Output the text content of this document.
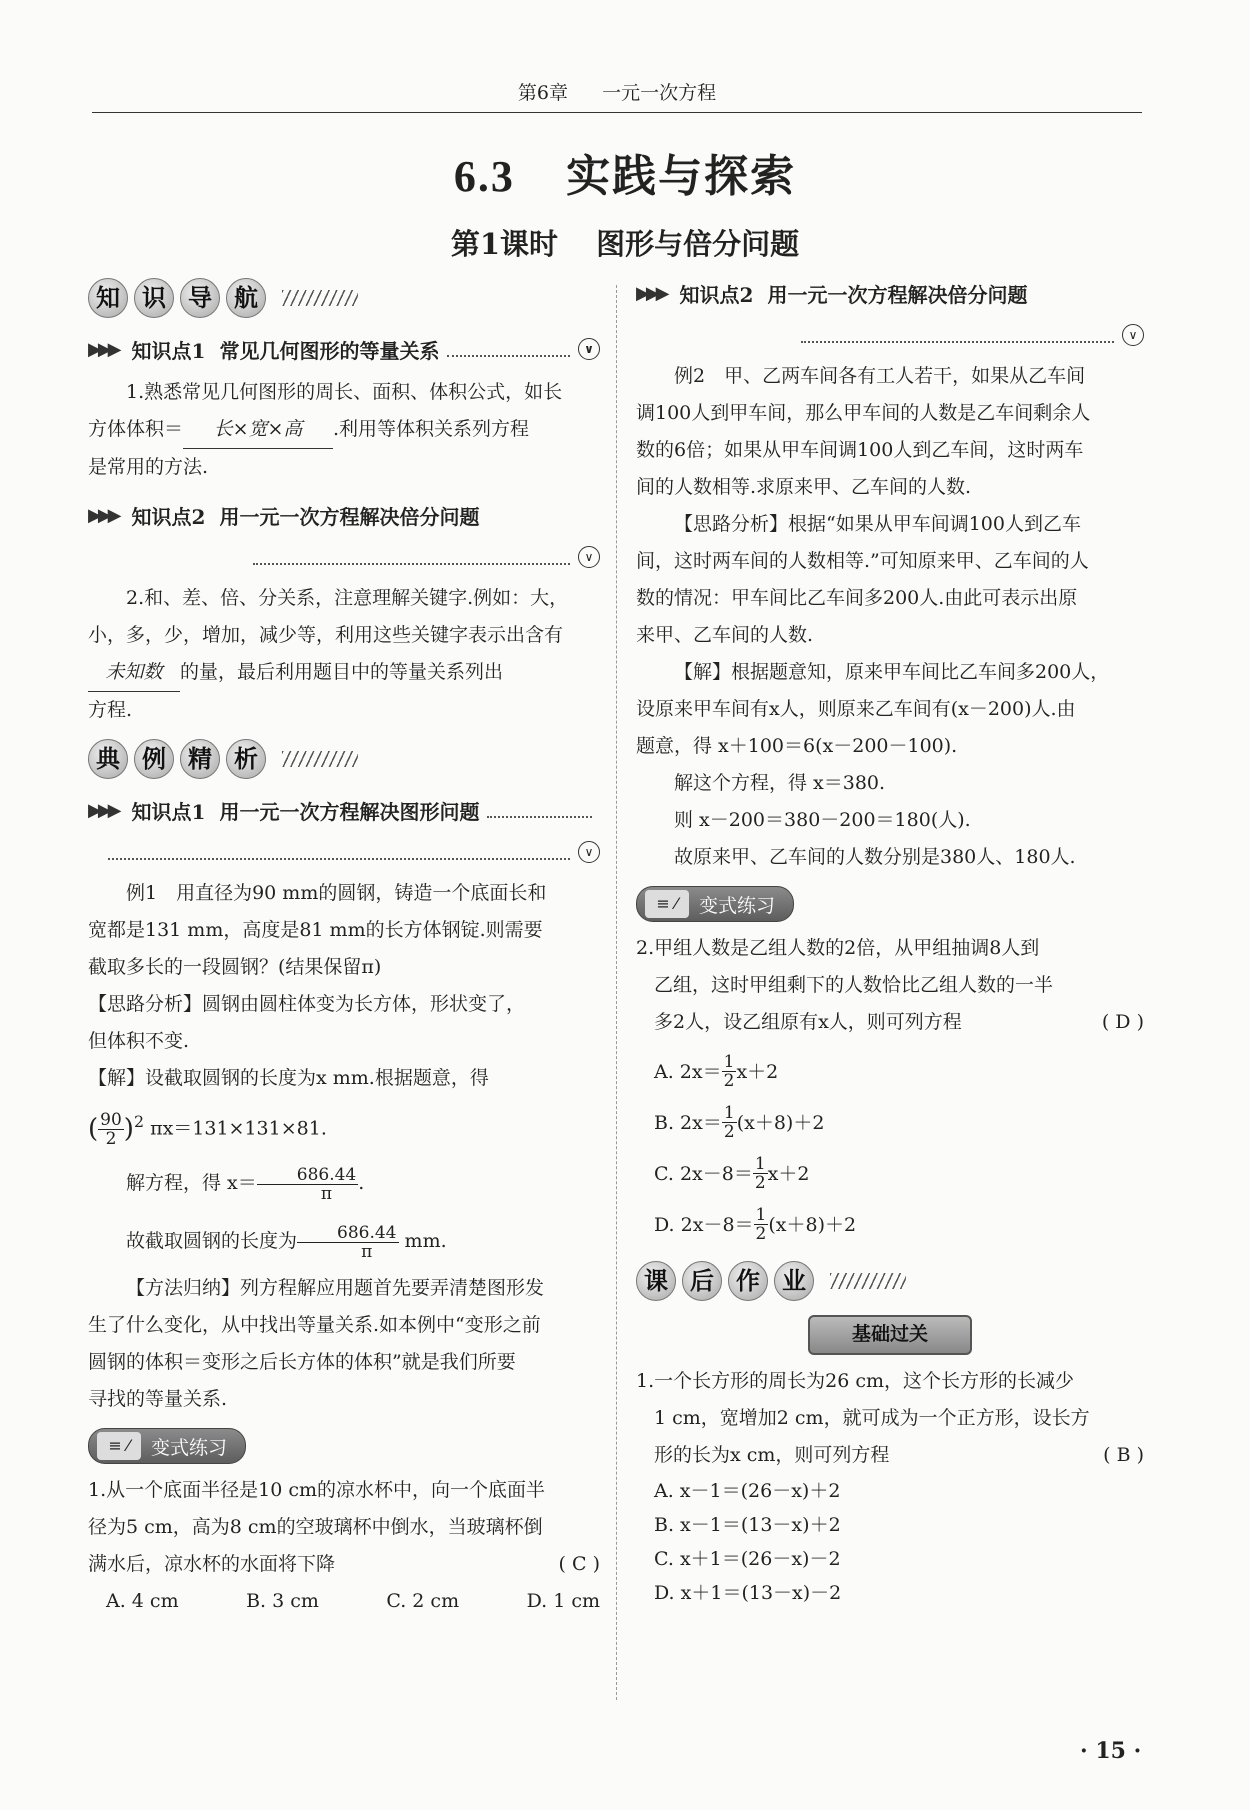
第6章 一元一次方程
6.3 实践与探索
第1课时 图形与倍分问题
知 识 导 航
▶▶▶ 知识点1 常见几何图形的等量关系	∨

1.熟悉常见几何图形的周长、面积、体积公式，如长

方体体积＝ 长×宽×高 .利用等体积关系列方程

是常用的方法.

▶▶▶ 知识点2 用一元一次方程解决倍分问题
∨

2.和、差、倍、分关系，注意理解关键字.例如：大，

小，多，少，增加，减少等，利用这些关键字表示出含有

未知数 的量，最后利用题目中的等量关系列出

方程.

典 例 精 析
▶▶▶ 知识点1 用一元一次方程解决图形问题
∨

例1　用直径为90 mm的圆钢，铸造一个底面长和

宽都是131 mm，高度是81 mm的长方体钢锭.则需要

截取多长的一段圆钢？(结果保留π)

【思路分析】圆钢由圆柱体变为长方体，形状变了，

但体积不变.

【解】设截取圆钢的长度为x mm.根据题意，得

( $\frac{90}{2} )^2$ πx＝131×131×81.

解方程，得 $x= \frac{686.44}{\pi}$ .

故截取圆钢的长度为 $\frac{686.44}{\pi}$ mm.

【方法归纳】列方程解应用题首先要弄清楚图形发

生了什么变化，从中找出等量关系.如本例中“变形之前

圆钢的体积＝变形之后长方体的体积”就是我们所要

寻找的等量关系.

≡ ⁄	变式练习

1.从一个底面半径是10 cm的凉水杯中，向一个底面半

径为5 cm，高为8 cm的空玻璃杯中倒水，当玻璃杯倒

满水后，凉水杯的水面将下降	( C )

A. 4 cm	B. 3 cm	C. 2 cm	D. 1 cm
▶▶▶ 知识点2 用一元一次方程解决倍分问题
∨

例2　甲、乙两车间各有工人若干，如果从乙车间

调100人到甲车间，那么甲车间的人数是乙车间剩余人

数的6倍；如果从甲车间调100人到乙车间，这时两车

间的人数相等.求原来甲、乙车间的人数.

【思路分析】根据“如果从甲车间调100人到乙车

间，这时两车间的人数相等.”可知原来甲、乙车间的人

数的情况：甲车间比乙车间多200人.由此可表示出原

来甲、乙车间的人数.

【解】根据题意知，原来甲车间比乙车间多200人，

设原来甲车间有x人，则原来乙车间有(x－200)人.由

题意，得 x＋100＝6(x－200－100).

解这个方程，得 x＝380.

则 x－200＝380－200＝180(人).

故原来甲、乙车间的人数分别是380人、180人.

≡ ⁄	变式练习

2.甲组人数是乙组人数的2倍，从甲组抽调8人到

乙组，这时甲组剩下的人数恰比乙组人数的一半

多2人，设乙组原有x人，则可列方程	( D )

A. $2x= \frac{1}{2} x+2$
B. $2x= \frac{1}{2} (x+8)+2$
C. $2x-8= \frac{1}{2} x+2$
D. $2x-8= \frac{1}{2} (x+8)+2$
课 后 作 业
基础过关

1.一个长方形的周长为26 cm，这个长方形的长减少

1 cm，宽增加2 cm，就可成为一个正方形，设长方

形的长为x cm，则可列方程	( B )

A. x－1＝(26－x)＋2
B. x－1＝(13－x)＋2
C. x＋1＝(26－x)－2
D. x＋1＝(13－x)－2
· 15 ·
